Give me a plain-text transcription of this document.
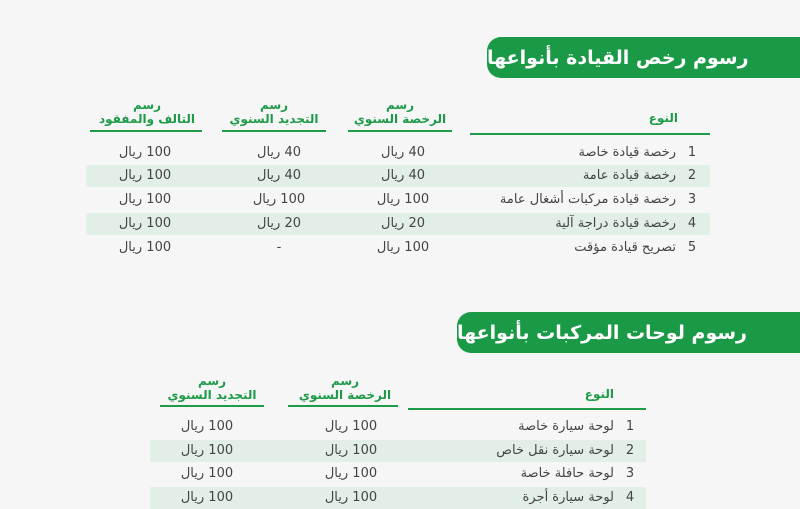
رسوم رخص القيادة بأنواعها
النوع
رسم
الرخصة السنوي
رسم
التجديد السنوي
رسم
التالف والمفقود
1
رخصة قيادة خاصة
40 ريال
40 ريال
100 ريال
2
رخصة قيادة عامة
40 ريال
40 ريال
100 ريال
3
رخصة قيادة مركبات أشغال عامة
100 ريال
100 ريال
100 ريال
4
رخصة قيادة دراجة آلية
20 ريال
20 ريال
100 ريال
5
تصريح قيادة مؤقت
100 ريال
-
100 ريال
رسوم لوحات المركبات بأنواعها
النوع
رسم
الرخصة السنوي
رسم
التجديد السنوي
1
لوحة سيارة خاصة
100 ريال
100 ريال
2
لوحة سيارة نقل خاص
100 ريال
100 ريال
3
لوحة حافلة خاصة
100 ريال
100 ريال
4
لوحة سيارة أجرة
100 ريال
100 ريال
